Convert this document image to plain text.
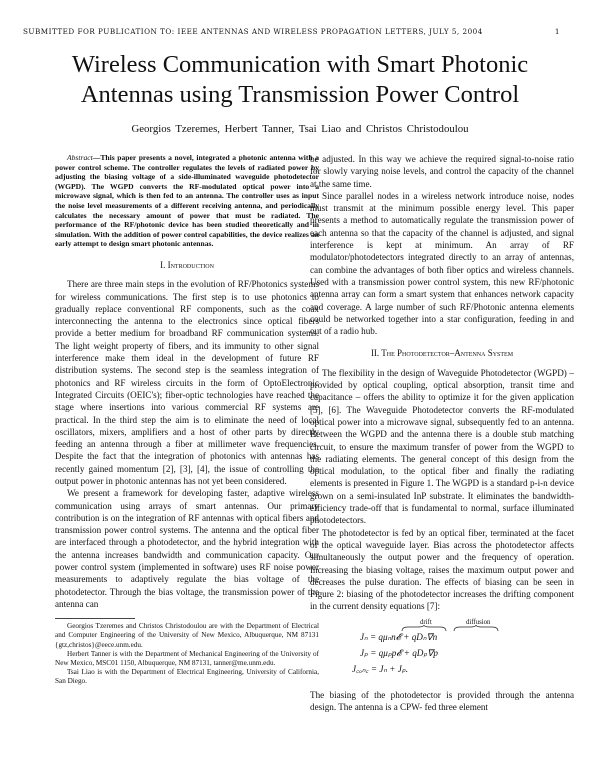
SUBMITTED FOR PUBLICATION TO: IEEE ANTENNAS AND WIRELESS PROPAGATION LETTERS, JULY 5, 2004	1
Wireless Communication with Smart Photonic
Antennas using Transmission Power Control
Georgios Tzeremes, Herbert Tanner, Tsai Liao and Christos Christodoulou

Abstract—This paper presents a novel, integrated a photonic antenna with a power control scheme. The controller regulates the levels of radiated power by adjusting the biasing voltage of a side-illuminated waveguide photodetector (WGPD). The WGPD converts the RF-modulated optical power into a microwave signal, which is then fed to an antenna. The controller uses as input the noise level measurements of a different receiving antenna, and periodically calculates the necessary amount of power that must be radiated. The performance of the RF/photonic device has been studied theoretically and in simulation. With the addition of power control capabilities, the device realizes an early attempt to design smart photonic antennas.

I. Introduction

There are three main steps in the evolution of RF/Photonics systems for wireless communications. The first step is to use photonics to gradually replace conventional RF components, such as the coax interconnecting the antenna to the electronics since optical fibers provide a better medium for broadband RF communication systems. The light weight property of fibers, and its immunity to other signal interference make them ideal in the development of future RF distribution systems. The second step is the seamless integration of photonics and RF wireless circuits in the form of OptoElectronic Integrated Circuits (OEIC's); fiber-optic technologies have reached the stage where insertions into various commercial RF systems are practical. In the third step the aim is to eliminate the need of local oscillators, mixers, amplifiers and a host of other parts by directly feeding an antenna through a fiber at millimeter wave frequencies. Despite the fact that the integration of photonics with antennas has recently gained momentum [2], [3], [4], the issue of controlling the output power in photonic antennas has not yet been considered.

We present a framework for developing faster, adaptive wireless communication using arrays of smart antennas. Our primary contribution is on the integration of RF antennas with optical fibers and transmission power control systems. The antenna and the optical fiber are interfaced through a photodetector, and the hybrid integration with the antenna increases bandwidth and communication capacity. Our power control system (implemented in software) uses RF noise power measurements to adaptively regulate the bias voltage of the photodetector. Through the bias voltage, the transmission power of the antenna can

Georgios Tzeremes and Christos Christodoulou are with the Department of Electrical and Computer Engineering of the University of New Mexico, Albuquerque, NM 87131 {gtz,christos}@eece.unm.edu.

Herbert Tanner is with the Department of Mechanical Engineering of the University of New Mexico, MSC01 1150, Albuquerque, NM 87131, tanner@me.unm.edu.

Tsai Liao is with the Department of Electrical Engineering, University of California, San Diego.

be adjusted. In this way we achieve the required signal-to-noise ratio for slowly varying noise levels, and control the capacity of the channel at the same time.

Since parallel nodes in a wireless network introduce noise, nodes must transmit at the minimum possible energy level. This paper presents a method to automatically regulate the transmission power of each antenna so that the capacity of the channel is adjusted, and signal interference is kept at minimum. An array of RF modulator/photodetectors integrated directly to an array of antennas, can combine the advantages of both fiber optics and wireless channels. Used with a transmission power control system, this new RF/photonic antenna array can form a smart system that enhances network capacity and coverage. A large number of such RF/Photonic antenna elements could be networked together into a star configuration, feeding in and out of a radio hub.

II. The Photodetector–Antenna System

The flexibility in the design of Waveguide Photodetector (WGPD) – provided by optical coupling, optical absorption, transit time and capacitance – offers the ability to optimize it for the given application [5], [6]. The Waveguide Photodetector converts the RF-modulated optical power into a microwave signal, subsequently fed to an antenna. Between the WGPD and the antenna there is a double stub matching circuit, to ensure the maximum transfer of power from the WGPD to the radiating elements. The general concept of this design from the optical modulation, to the optical fiber and finally the radiating elements is presented in Figure 1. The WGPD is a standard p-i-n device grown on a semi-insulated InP substrate. It eliminates the bandwidth-efficiency trade-off that is fundamental to normal, surface illuminated photodetectors.

The photodetector is fed by an optical fiber, terminated at the facet of the optical waveguide layer. Bias across the photodetector affects simultaneously the output power and the frequency of operation. Increasing the biasing voltage, raises the maximum output power and decreases the pulse duration. The effects of biasing can be seen in Figure 2: biasing of the photodetector increases the drifting component in the current density equations [7]:

drift	diffusion
Jₙ = qμₙn𝓔 + qDₙ∇n
Jₚ = qμₚp𝓔 + qDₚ∇p
J꜀ₒₙ꜀ = Jₙ + Jₚ.

The biasing of the photodetector is provided through the antenna design. The antenna is a CPW- fed three element
